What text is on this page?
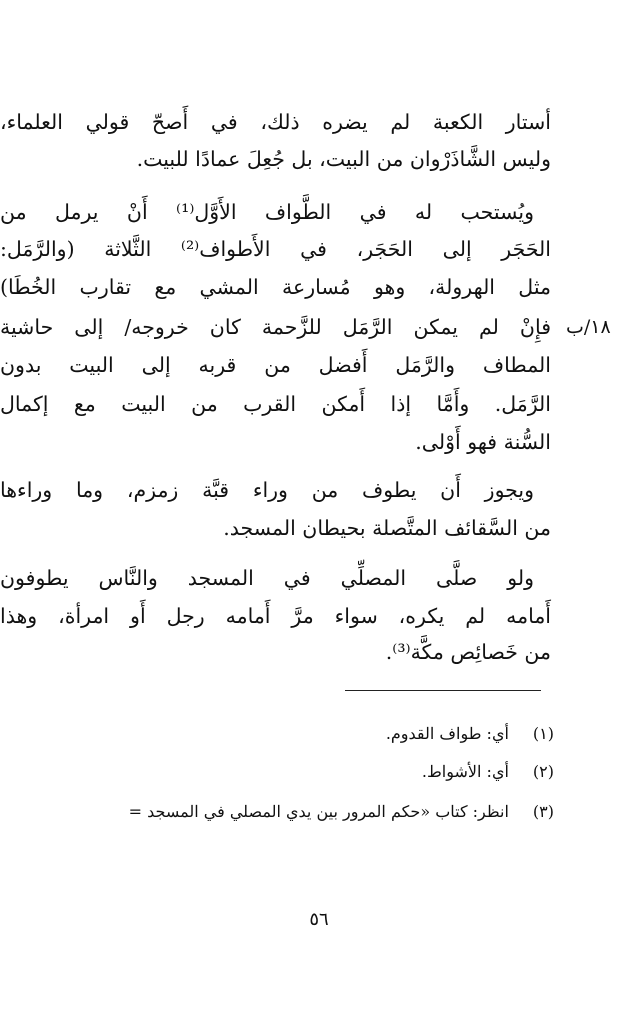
أستار الكعبة لم يضره ذلك، في أَصحّ قولي العلماء،
وليس الشَّاذَرْوان من البيت، بل جُعِلَ عمادًا للبيت.
ويُستحب له في الطَّواف الأَوَّل⁽¹⁾ أَنْ يرمل من
الحَجَر إلى الحَجَر، في الأَطواف⁽²⁾ الثَّلاثة (والرَّمَل:
مثل الهرولة، وهو مُسارعة المشي مع تقارب الخُطَا)
فإِنْ لم يمكن الرَّمَل للزَّحمة كان خروجه/ إلى حاشية
المطاف والرَّمَل أَفضل من قربه إلى البيت بدون
الرَّمَل. وأَمَّا إذا أَمكن القرب من البيت مع إكمال
السُّنة فهو أَوْلى.
ويجوز أَن يطوف من وراء قبَّة زمزم، وما وراءها
من السَّقائف المتَّصلة بحيطان المسجد.
ولو صلَّى المصلِّي في المسجد والنَّاس يطوفون
أَمامه لم يكره، سواء مرَّ أَمامه رجل أَو امرأة، وهذا
من خَصائِص مكَّة⁽³⁾.
١٨/ب
(١) أي: طواف القدوم.
(٢) أي: الأشواط.
(٣) انظر: كتاب «حكم المرور بين يدي المصلي في المسجد =
٥٦
